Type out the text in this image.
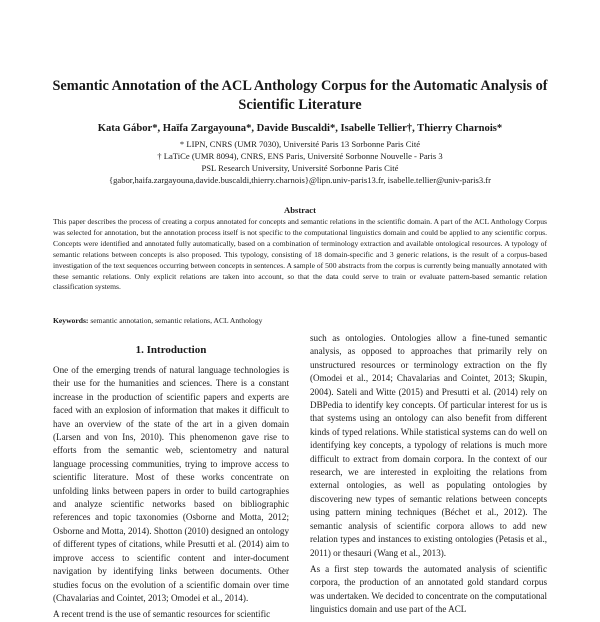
Semantic Annotation of the ACL Anthology Corpus for the Automatic Analysis of Scientific Literature
Kata Gábor*, Haïfa Zargayouna*, Davide Buscaldi*, Isabelle Tellier†, Thierry Charnois*
* LIPN, CNRS (UMR 7030), Université Paris 13 Sorbonne Paris Cité
† LaTiCe (UMR 8094), CNRS, ENS Paris, Université Sorbonne Nouvelle - Paris 3
PSL Research University, Université Sorbonne Paris Cité
{gabor,haifa.zargayouna,davide.buscaldi,thierry.charnois}@lipn.univ-paris13.fr, isabelle.tellier@univ-paris3.fr
Abstract
This paper describes the process of creating a corpus annotated for concepts and semantic relations in the scientific domain. A part of the ACL Anthology Corpus was selected for annotation, but the annotation process itself is not specific to the computational linguistics domain and could be applied to any scientific corpus. Concepts were identified and annotated fully automatically, based on a combination of terminology extraction and available ontological resources. A typology of semantic relations between concepts is also proposed. This typology, consisting of 18 domain-specific and 3 generic relations, is the result of a corpus-based investigation of the text sequences occurring between concepts in sentences. A sample of 500 abstracts from the corpus is currently being manually annotated with these semantic relations. Only explicit relations are taken into account, so that the data could serve to train or evaluate pattern-based semantic relation classification systems.
Keywords: semantic annotation, semantic relations, ACL Anthology
1. Introduction

One of the emerging trends of natural language technologies is their use for the humanities and sciences. There is a constant increase in the production of scientific papers and experts are faced with an explosion of information that makes it difficult to have an overview of the state of the art in a given domain (Larsen and von Ins, 2010). This phenomenon gave rise to efforts from the semantic web, scientometry and natural language processing communities, trying to improve access to scientific literature. Most of these works concentrate on unfolding links between papers in order to build cartographies and analyze scientific networks based on bibliographic references and topic taxonomies (Osborne and Motta, 2012; Osborne and Motta, 2014). Shotton (2010) designed an ontology of different types of citations, while Presutti et al. (2014) aim to improve access to scientific content and inter-document navigation by identifying links between documents. Other studies focus on the evolution of a scientific domain over time (Chavalarias and Cointet, 2013; Omodei et al., 2014).

A recent trend is the use of semantic resources for scientific

such as ontologies. Ontologies allow a fine-tuned semantic analysis, as opposed to approaches that primarily rely on unstructured resources or terminology extraction on the fly (Omodei et al., 2014; Chavalarias and Cointet, 2013; Skupin, 2004). Sateli and Witte (2015) and Presutti et al. (2014) rely on DBPedia to identify key concepts. Of particular interest for us is that systems using an ontology can also benefit from different kinds of typed relations. While statistical systems can do well on identifying key concepts, a typology of relations is much more difficult to extract from domain corpora. In the context of our research, we are interested in exploiting the relations from external ontologies, as well as populating ontologies by discovering new types of semantic relations between concepts using pattern mining techniques (Béchet et al., 2012). The semantic analysis of scientific corpora allows to add new relation types and instances to existing ontologies (Petasis et al., 2011) or thesauri (Wang et al., 2013).

As a first step towards the automated analysis of scientific corpora, the production of an annotated gold standard corpus was undertaken. We decided to concentrate on the computational linguistics domain and use part of the ACL
